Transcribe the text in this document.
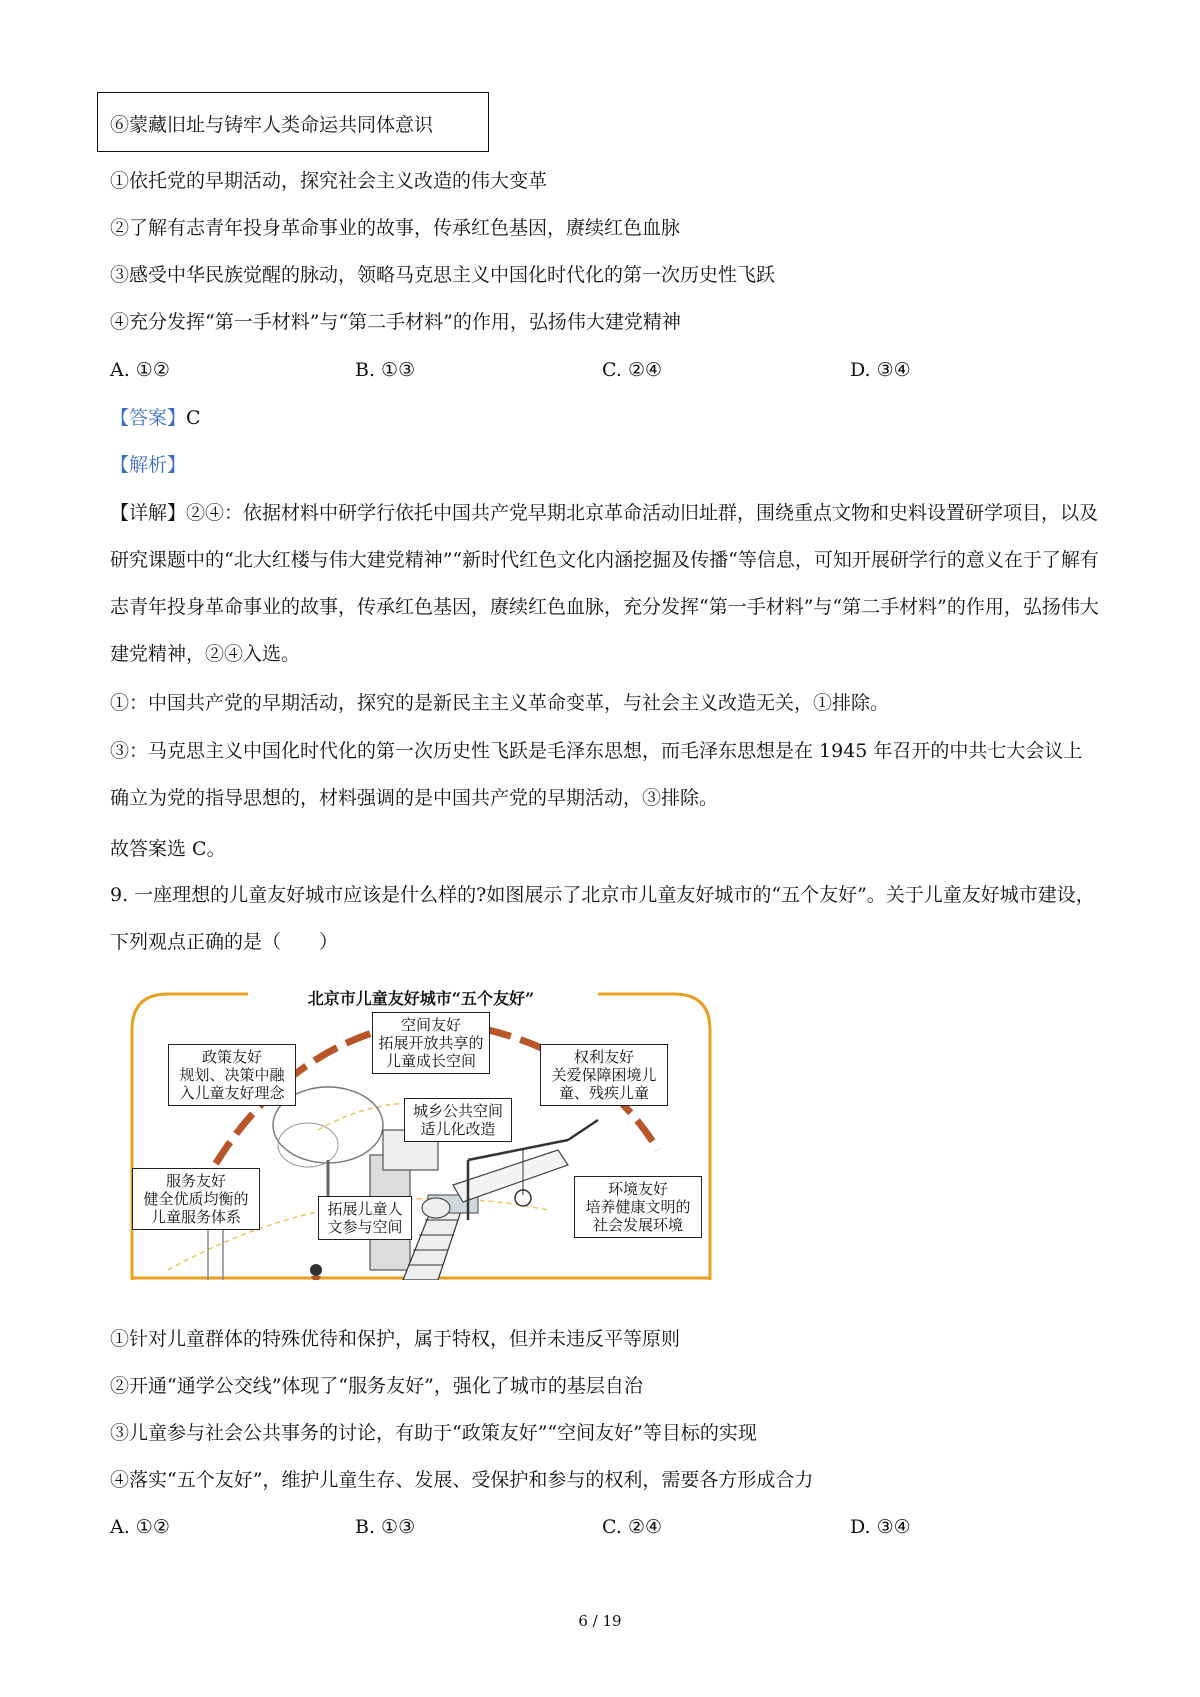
⑥蒙藏旧址与铸牢人类命运共同体意识
①依托党的早期活动，探究社会主义改造的伟大变革
②了解有志青年投身革命事业的故事，传承红色基因，赓续红色血脉
③感受中华民族觉醒的脉动，领略马克思主义中国化时代化的第一次历史性飞跃
④充分发挥“第一手材料”与“第二手材料”的作用，弘扬伟大建党精神
A. ①②	B. ①③	C. ②④	D. ③④
【答案】C
【解析】
【详解】②④：依据材料中研学行依托中国共产党早期北京革命活动旧址群，围绕重点文物和史料设置研学项目，以及研究课题中的“北大红楼与伟大建党精神”“新时代红色文化内涵挖掘及传播“等信息，可知开展研学行的意义在于了解有志青年投身革命事业的故事，传承红色基因，赓续红色血脉，充分发挥“第一手材料”与“第二手材料”的作用，弘扬伟大建党精神，②④入选。
①：中国共产党的早期活动，探究的是新民主主义革命变革，与社会主义改造无关，①排除。
③：马克思主义中国化时代化的第一次历史性飞跃是毛泽东思想，而毛泽东思想是在 1945 年召开的中共七大会议上确立为党的指导思想的，材料强调的是中国共产党的早期活动，③排除。
故答案选 C。
9. 一座理想的儿童友好城市应该是什么样的?如图展示了北京市儿童友好城市的“五个友好”。关于儿童友好城市建设，下列观点正确的是（　　）
北京市儿童友好城市“五个友好”
空间友好
拓展开放共享的
儿童成长空间
政策友好
规划、决策中融
入儿童友好理念
权利友好
关爱保障困境儿
童、残疾儿童
城乡公共空间
适儿化改造
服务友好
健全优质均衡的
儿童服务体系	拓展儿童人
文参与空间
环境友好
培养健康文明的
社会发展环境
①针对儿童群体的特殊优待和保护，属于特权，但并未违反平等原则
②开通“通学公交线”体现了“服务友好”，强化了城市的基层自治
③儿童参与社会公共事务的讨论，有助于“政策友好”“空间友好”等目标的实现
④落实“五个友好”，维护儿童生存、发展、受保护和参与的权利，需要各方形成合力
A. ①②	B. ①③	C. ②④	D. ③④
6 / 19
